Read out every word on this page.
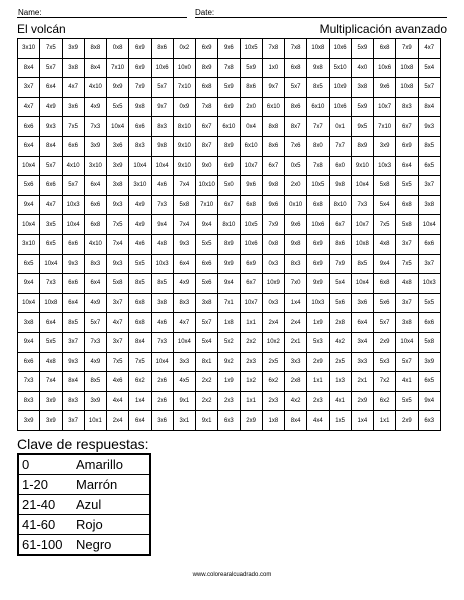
Name:	Date:
El volcán	Multiplicación avanzado
3x10	7x5	3x9	8x8	0x8	6x9	8x6	0x2	6x9	9x6	10x5	7x8	7x8	10x8	10x6	5x9	6x8	7x9	4x7
8x4	5x7	3x8	8x4	7x10	6x9	10x6	10x0	8x9	7x8	5x9	1x0	6x8	9x8	5x10	4x0	10x6	10x8	5x4
3x7	6x4	4x7	4x10	9x9	7x9	5x7	7x10	6x8	5x9	8x6	9x7	5x7	8x5	10x9	3x8	9x6	10x8	5x7
4x7	4x9	3x6	4x9	5x5	9x8	9x7	0x9	7x8	6x9	2x0	6x10	8x6	6x10	10x6	5x9	10x7	8x3	8x4
6x6	9x3	7x5	7x3	10x4	6x6	8x3	8x10	6x7	6x10	0x4	8x8	8x7	7x7	0x1	9x5	7x10	6x7	9x3
6x4	8x4	6x6	3x9	3x6	8x3	9x8	9x10	8x7	8x9	6x10	8x6	7x6	8x0	7x7	8x9	3x9	6x9	8x5
10x4	5x7	4x10	3x10	3x9	10x4	10x4	9x10	9x0	6x9	10x7	6x7	0x5	7x8	6x0	9x10	10x3	6x4	6x5
5x6	6x6	5x7	6x4	3x8	3x10	4x6	7x4	10x10	5x0	9x6	9x8	2x0	10x5	9x8	10x4	5x8	5x5	3x7
9x4	4x7	10x3	6x6	9x3	4x9	7x3	5x8	7x10	6x7	6x8	9x6	0x10	6x8	8x10	7x3	5x4	6x8	3x8
10x4	3x5	10x4	6x8	7x5	4x9	9x4	7x4	9x4	8x10	10x5	7x9	9x6	10x6	6x7	10x7	7x5	5x8	10x4
3x10	6x5	6x6	4x10	7x4	4x6	4x8	9x3	5x5	8x9	10x6	0x8	9x8	6x9	8x6	10x8	4x8	3x7	6x6
6x5	10x4	9x3	8x3	9x3	5x5	10x3	6x4	6x6	9x9	6x9	0x3	8x3	6x9	7x9	8x5	9x4	7x5	3x7
9x4	7x3	6x6	6x4	5x8	8x5	8x5	4x9	5x6	9x4	6x7	10x9	7x0	9x9	5x4	10x4	6x8	4x8	10x3
10x4	10x8	6x4	4x9	3x7	6x8	3x8	8x3	3x8	7x1	10x7	0x3	1x4	10x3	5x6	3x6	5x6	3x7	5x5
3x8	6x4	8x5	5x7	4x7	6x8	4x6	4x7	5x7	1x8	1x1	2x4	2x4	1x9	2x8	6x4	5x7	3x8	6x6
9x4	5x5	3x7	7x3	3x7	8x4	7x3	10x4	5x4	5x2	2x2	10x2	2x1	5x3	4x2	3x4	2x9	10x4	5x8
6x6	4x8	9x3	4x9	7x5	7x5	10x4	3x3	8x1	9x2	2x3	2x5	3x3	2x9	2x5	3x3	5x3	5x7	3x9
7x3	7x4	8x4	8x5	4x6	6x2	2x6	4x5	2x2	1x9	1x2	6x2	2x8	1x1	1x3	2x1	7x2	4x1	6x5
8x3	3x9	8x3	3x9	4x4	1x4	2x6	9x1	2x2	2x3	1x1	2x3	4x2	2x3	4x1	2x9	6x2	5x5	9x4
3x9	3x9	3x7	10x1	2x4	6x4	3x6	3x1	9x1	6x3	2x9	1x8	8x4	4x4	1x5	1x4	1x1	2x9	6x3
Clave de respuestas:
0	Amarillo
1-20	Marrón
21-40	Azul
41-60	Rojo
61-100	Negro
www.colorearalcuadrado.com
